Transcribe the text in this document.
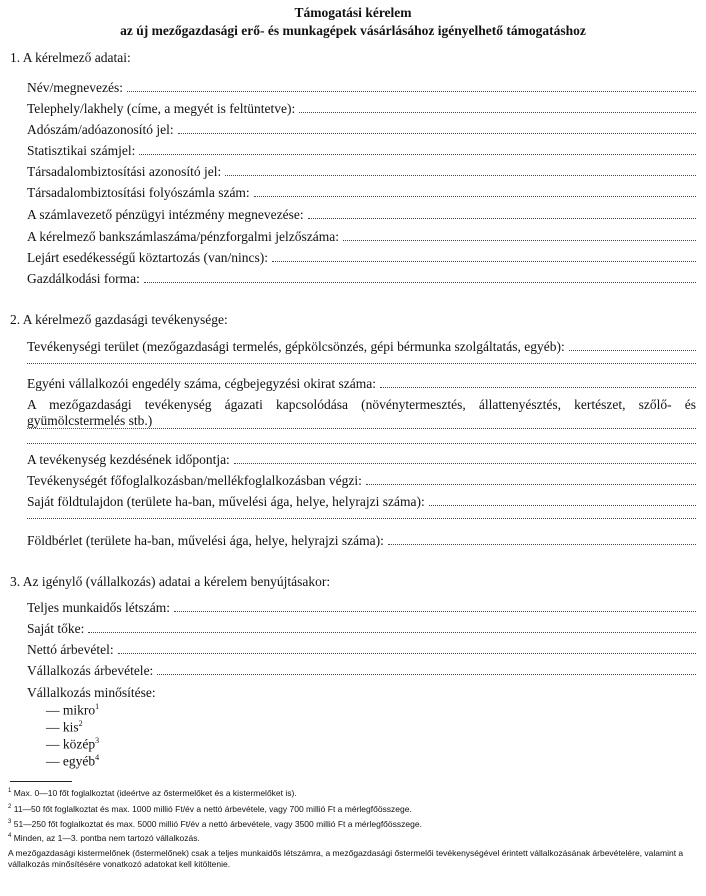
Támogatási kérelem
az új mezőgazdasági erő- és munkagépek vásárlásához igényelhető támogatáshoz
1. A kérelmező adatai:
Név/megnevezés:
Telephely/lakhely (címe, a megyét is feltüntetve):
Adószám/adóazonosító jel:
Statisztikai számjel:
Társadalombiztosítási azonosító jel:
Társadalombiztosítási folyószámla szám:
A számlavezető pénzügyi intézmény megnevezése:
A kérelmező bankszámlaszáma/pénzforgalmi jelzőszáma:
Lejárt esedékességű köztartozás (van/nincs):
Gazdálkodási forma:
2. A kérelmező gazdasági tevékenysége:
Tevékenységi terület (mezőgazdasági termelés, gépkölcsönzés, gépi bérmunka szolgáltatás, egyéb):
Egyéni vállalkozói engedély száma, cégbejegyzési okirat száma:
A mezőgazdasági tevékenység ágazati kapcsolódása (növénytermesztés, állattenyésztés, kertészet, szőlő- és gyümölcstermelés stb.)
A tevékenység kezdésének időpontja:
Tevékenységét főfoglalkozásban/mellékfoglalkozásban végzi:
Saját földtulajdon (területe ha-ban, művelési ága, helye, helyrajzi száma):
Földbérlet (területe ha-ban, művelési ága, helye, helyrajzi száma):
3. Az igénylő (vállalkozás) adatai a kérelem benyújtásakor:
Teljes munkaidős létszám:
Saját tőke:
Nettó árbevétel:
Vállalkozás árbevétele:
Vállalkozás minősítése:
— mikro$^1$
— kis$^2$
— közép$^3$
— egyéb$^4$
$^1$ Max. 0—10 főt foglalkoztat (ideértve az őstermelőket és a kistermelőket is).
$^2$ 11—50 főt foglalkoztat és max. 1000 millió Ft/év a nettó árbevétele, vagy 700 millió Ft a mérlegfőösszege.
$^3$ 51—250 főt foglalkoztat és max. 5000 millió Ft/év a nettó árbevétele, vagy 3500 millió Ft a mérlegfőösszege.
$^4$ Minden, az 1—3. pontba nem tartozó vállalkozás.
A mezőgazdasági kistermelőnek (őstermelőnek) csak a teljes munkaidős létszámra, a mezőgazdasági őstermelői tevékenységével érintett vállalkozásának árbevételére, valamint a vállalkozás minősítésére vonatkozó adatokat kell kitöltenie.
